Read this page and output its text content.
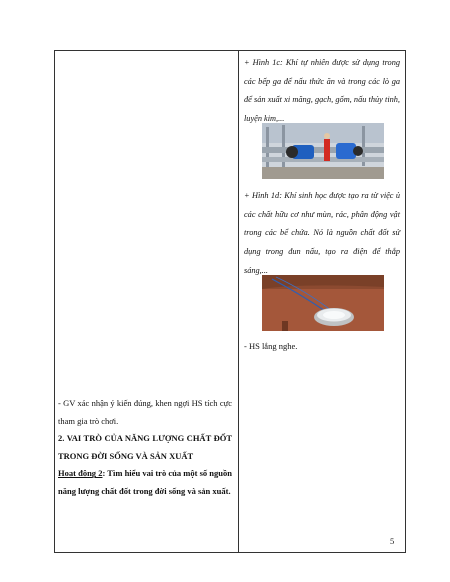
- GV xác nhận ý kiến đúng, khen ngợi HS tích cực tham gia trò chơi.

2. VAI TRÒ CỦA NĂNG LƯỢNG CHẤT ĐỐT TRONG ĐỜI SỐNG VÀ SẢN XUẤT

Hoạt động 2: Tìm hiểu vai trò của một số nguồn năng lượng chất đốt trong đời sống và sản xuất.

+ Hình 1c: Khí tự nhiên được sử dụng trong các bếp ga để nấu thức ăn và trong các lò ga để sản xuất xi măng, gạch, gốm, nấu thủy tinh, luyện kim,...

+ Hình 1d: Khí sinh học được tạo ra từ việc ủ các chất hữu cơ như mùn, rác, phân động vật trong các bể chứa. Nó là nguồn chất đốt sử dụng trong đun nấu, tạo ra điện để thắp sáng,...

- HS lắng nghe.

5
